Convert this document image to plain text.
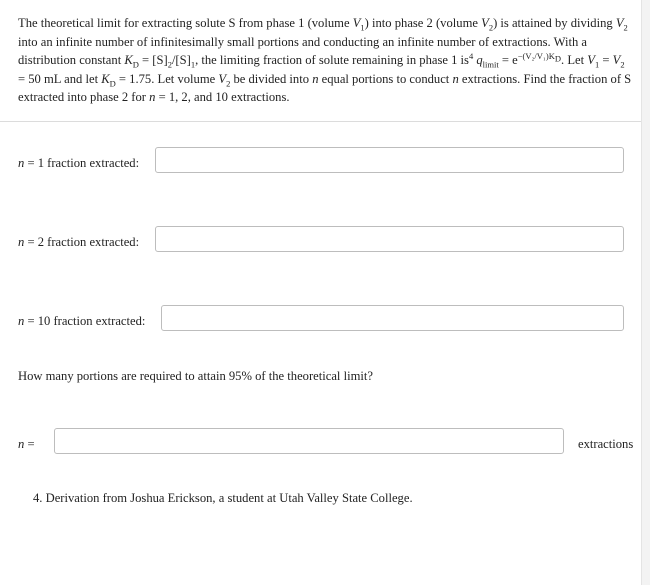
The theoretical limit for extracting solute S from phase 1 (volume $V_1$) into phase 2 (volume $V_2$) is attained by dividing $V_2$ into an infinite number of infinitesimally small portions and conducting an infinite number of extractions. With a distribution constant $K_D = [S]_2/[S]_1$, the limiting fraction of solute remaining in phase 1 $is^4$ $q_{limit} = e^{-(V_2/V_1)K_D}$. Let $V_1 = V_2 = 50$ mL and let $K_D = 1.75$. Let volume $V_2$ be divided into n equal portions to conduct n extractions. Find the fraction of S extracted into phase 2 for n = 1, 2, and 10 extractions.
n = 1 fraction extracted:
n = 2 fraction extracted:
n = 10 fraction extracted:
How many portions are required to attain 95% of the theoretical limit?
n =	extractions
4. Derivation from Joshua Erickson, a student at Utah Valley State College.
